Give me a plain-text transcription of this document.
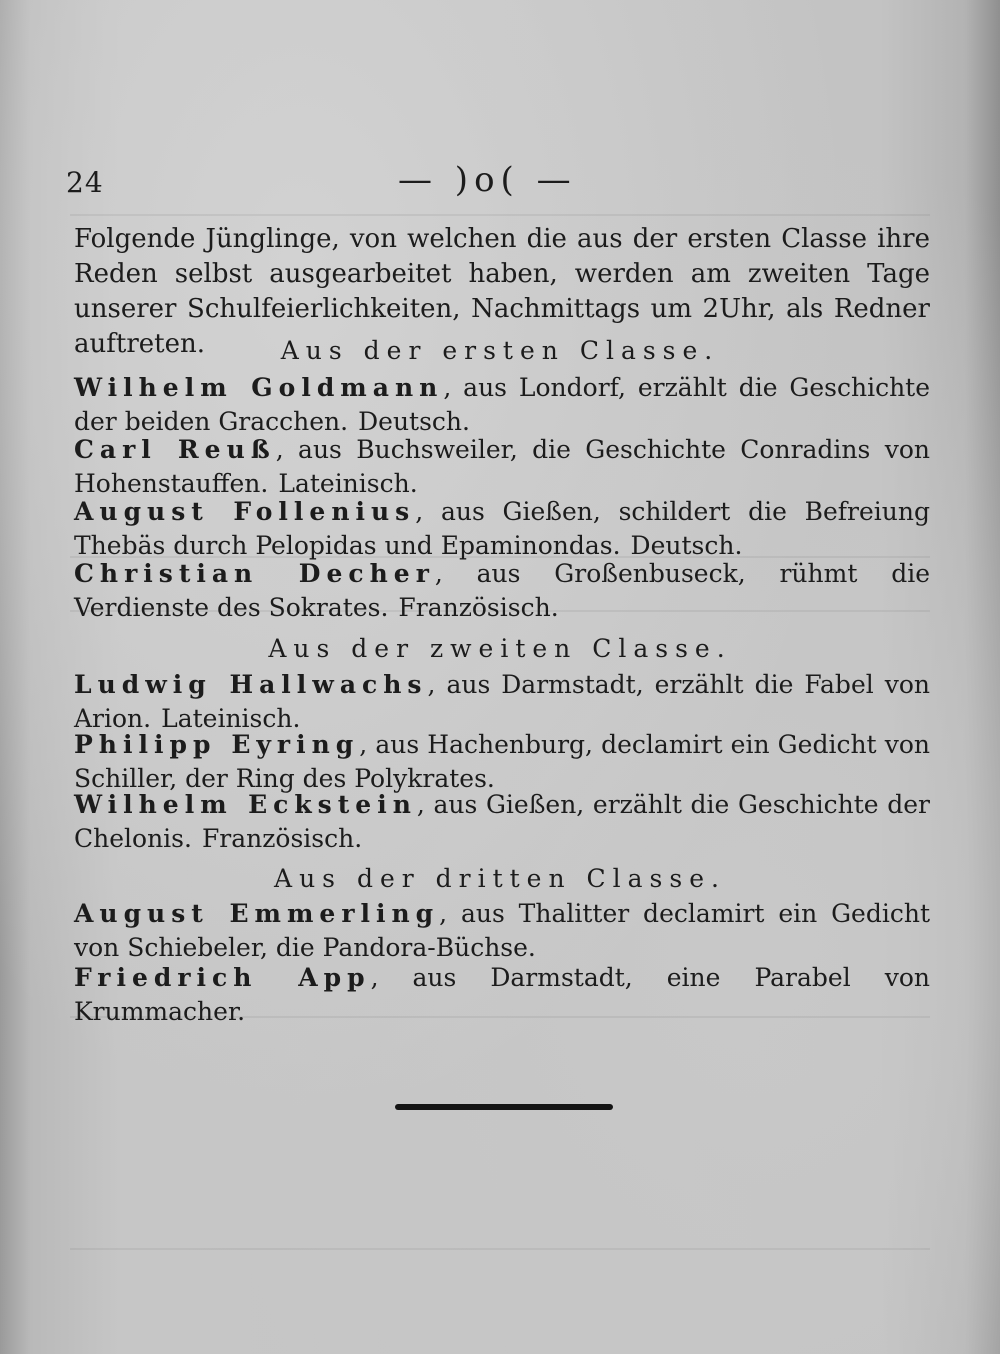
24	— )o( —

Folgende Jünglinge, von welchen die aus der ersten Classe ihre Reden selbst ausgearbeitet haben, werden am zweiten Tage unserer Schulfeierlichkeiten, Nachmittags um 2Uhr, als Redner auftreten.	Aus der ersten Classe.
Wilhelm Goldmann, aus Londorf, erzählt die Geschichte der beiden Gracchen. Deutsch.
Carl Reuß, aus Buchsweiler, die Geschichte Conradins von Hohenstauffen. Lateinisch.
August Follenius, aus Gießen, schildert die Befreiung Thebäs durch Pelopidas und Epaminondas. Deutsch.
Christian Decher, aus Großenbuseck, rühmt die Verdienste des Sokrates. Französisch.
Aus der zweiten Classe.
Ludwig Hallwachs, aus Darmstadt, erzählt die Fabel von Arion. Lateinisch.
Philipp Eyring, aus Hachenburg, declamirt ein Gedicht von Schiller, der Ring des Polykrates.
Wilhelm Eckstein, aus Gießen, erzählt die Geschichte der Chelonis. Französisch.
Aus der dritten Classe.
August Emmerling, aus Thalitter declamirt ein Gedicht von Schiebeler, die Pandora-Büchse.
Friedrich App, aus Darmstadt, eine Parabel von Krummacher.
